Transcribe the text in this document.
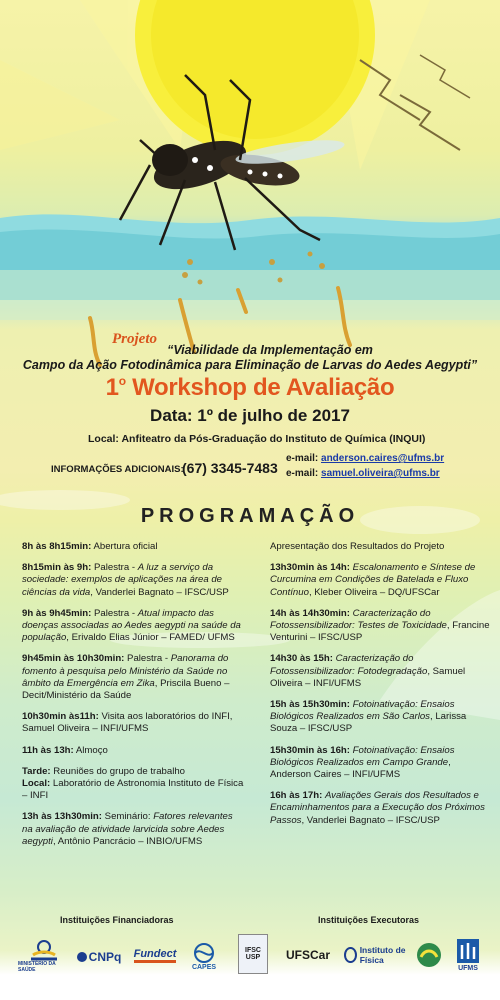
Projeto
“Viabilidade da Implementação em
Campo da Ação Fotodinâmica para Eliminação de Larvas do Aedes Aegypti”
1$^o$ Workshop de Avaliação
Data: 1º de julho de 2017
Local: Anfiteatro da Pós-Graduação do Instituto de Química (INQUI)
INFORMAÇÕES ADICIONAIS:
(67) 3345-7483
e-mail: anderson.caires@ufms.br
e-mail: samuel.oliveira@ufms.br
PROGRAMAÇÃO
8h às 8h15min: Abertura oficial
8h15min às 9h: Palestra - A luz a serviço da sociedade: exemplos de aplicações na área de ciências da vida, Vanderlei Bagnato – IFSC/USP
9h às 9h45min: Palestra - Atual impacto das doenças associadas ao Aedes aegypti na saúde da população, Erivaldo Elias Júnior – FAMED/ UFMS
9h45min às 10h30min: Palestra - Panorama do fomento à pesquisa pelo Ministério da Saúde no âmbito da Emergência em Zika, Priscila Bueno – Decit/Ministério da Saúde
10h30min às11h: Visita aos laboratórios do INFI, Samuel Oliveira – INFI/UFMS
11h às 13h: Almoço
Tarde: Reuniões do grupo de trabalho
Local: Laboratório de Astronomia Instituto de Física – INFI
13h às 13h30min: Seminário: Fatores relevantes na avaliação de atividade larvicida sobre Aedes aegypti, Antônio Pancrácio – INBIO/UFMS
Apresentação dos Resultados do Projeto
13h30min às 14h: Escalonamento e Síntese de Curcumina em Condições de Batelada e Fluxo Contínuo, Kleber Oliveira – DQ/UFSCar
14h às 14h30min: Caracterização do Fotossensibilizador: Testes de Toxicidade, Francine Venturini – IFSC/USP
14h30 às 15h: Caracterização do Fotossensibilizador: Fotodegradação, Samuel Oliveira – INFI/UFMS
15h às 15h30min: Fotoinativação: Ensaios Biológicos Realizados em São Carlos, Larissa Souza – IFSC/USP
15h30min às 16h: Fotoinativação: Ensaios Biológicos Realizados em Campo Grande, Anderson Caires – INFI/UFMS
16h às 17h: Avaliações Gerais dos Resultados e Encaminhamentos para a Execução dos Próximos Passos, Vanderlei Bagnato – IFSC/USP
Instituições Financiadoras	Instituições Executoras
MINISTÉRIO DA SAÚDE
CNPq Fundect
CAPES
IFSC USP	UFSCar	Instituto de Física
UFMS
